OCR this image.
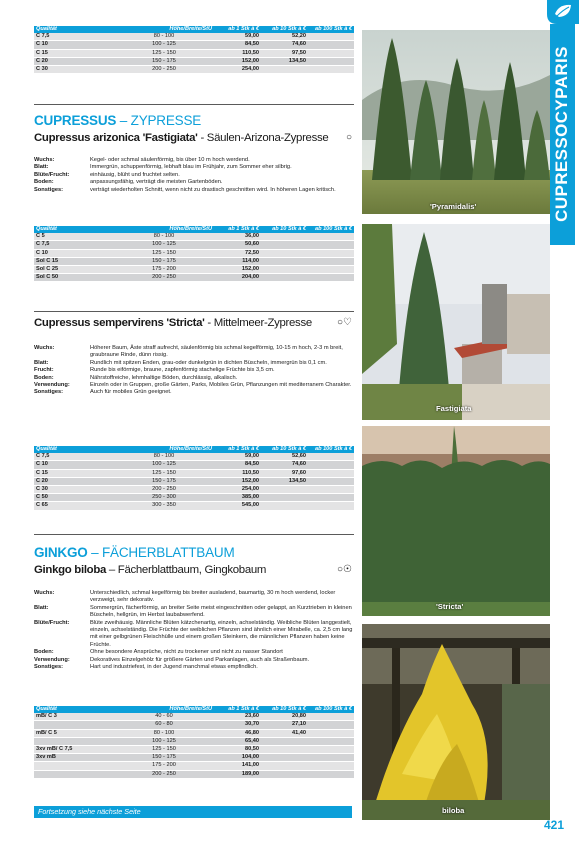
Qualität	Höhe/Breite/StU	ab 1 Stk à €	ab 10 Stk à €	ab 100 Stk à €
C 7,5	80 - 100	59,00	52,20	
C 10	100 - 125	84,50	74,60	
C 15	125 - 150	110,50	97,50	
C 20	150 - 175	152,00	134,50	
C 30	200 - 250	254,00		
CUPRESSUS – ZYPRESSE
Cupressus arizonica 'Fastigiata' - Säulen-Arizona-Zypresse ○
Wuchs:	Kegel- oder schmal säulenförmig, bis über 10 m hoch werdend.
Blatt:	Immergrün, schuppenförmig, lebhaft blau im Frühjahr, zum Sommer eher silbrig.
Blüte/Frucht:	einhäusig, blüht und fruchtet selten.
Boden:	anpassungsfähig, verträgt die meisten Gartenböden.
Sonstiges:	verträgt wiederholten Schnitt, wenn nicht zu drastisch geschnitten wird. In höheren Lagen kritisch.
Qualität	Höhe/Breite/StU	ab 1 Stk à €	ab 10 Stk à €	ab 100 Stk à €
C 5	80 - 100	36,00		
C 7,5	100 - 125	50,60		
C 10	125 - 150	72,50		
Sol C 15	150 - 175	114,00		
Sol C 25	175 - 200	152,00		
Sol C 50	200 - 250	204,00		
Cupressus sempervirens 'Stricta' - Mittelmeer-Zypresse	○♡
Wuchs:	Höherer Baum, Äste straff aufrecht, säulenförmig bis schmal kegelförmig, 10-15 m hoch, 2-3 m breit, graubraune Rinde, dünn rissig.
Blatt:	Rundlich mit spitzen Enden, grau-oder dunkelgrün in dichten Büscheln, immergrün bis 0,1 cm.
Frucht:	Runde bis eiförmige, braune, zapfenförmig stachelige Früchte bis 3,5 cm.
Boden:	Nährstoffreiche, lehmhaltige Böden, durchlässig, alkalisch.
Verwendung:	Einzeln oder in Gruppen, große Gärten, Parks, Mobiles Grün, Pflanzungen mit mediterranem Charakter.
Sonstiges:	Auch für mobiles Grün geeignet.
Qualität	Höhe/Breite/StU	ab 1 Stk à €	ab 10 Stk à €	ab 100 Stk à €
C 7,5	80 - 100	59,00	52,60	
C 10	100 - 125	84,50	74,60	
C 15	125 - 150	110,50	97,60	
C 20	150 - 175	152,00	134,50	
C 30	200 - 250	254,00		
C 50	250 - 300	385,00		
C 65	300 - 350	545,00		
GINKGO – FÄCHERBLATTBAUM
Ginkgo biloba – Fächerblattbaum, Gingkobaum	○☉
Wuchs:	Unterschiedlich, schmal kegelförmig bis breiter ausladend, baumartig, 30 m hoch werdend, locker verzweigt, sehr dekorativ.
Blatt:	Sommergrün, fächerförmig, an breiter Seite meist eingeschnitten oder gelappt, an Kurztrieben in kleinen Büscheln, hellgrün, im Herbst laubabwerfend.
Blüte/Frucht:	Blüte zweihäusig. Männliche Blüten kätzchenartig, einzeln, achselständig. Weibliche Blüten langgestielt, einzeln, achselständig. Die Früchte der weiblichen Pflanzen sind ähnlich einer Mirabelle, ca. 2,5 cm lang mit einer gelbgrünen Fleischhülle und einem großen Steinkern, die männlichen Pflanzen haben keine Früchte.
Boden:	Ohne besondere Ansprüche, nicht zu trockener und nicht zu nasser Standort
Verwendung:	Dekoratives Einzelgehölz für größere Gärten und Parkanlagen, auch als Straßenbaum.
Sonstiges:	Hart und industriefest, in der Jugend manchmal etwas empfindlich.
Qualität	Höhe/Breite/StU	ab 1 Stk à €	ab 10 Stk à €	ab 100 Stk à €
mB/ C 3	40 - 60	23,60	20,80	
	60 - 80	30,70	27,10	
mB/ C 5	80 - 100	46,80	41,40	
	100 - 125	65,40		
3xv mB/ C 7,5	125 - 150	80,50		
3xv mB	150 - 175	104,00		
	175 - 200	141,00		
	200 - 250	189,00		
Fortsetzung siehe nächste Seite
'Pyramidalis'
Fastigiata
'Stricta'
biloba
CUPRESSOCYPARIS
421
